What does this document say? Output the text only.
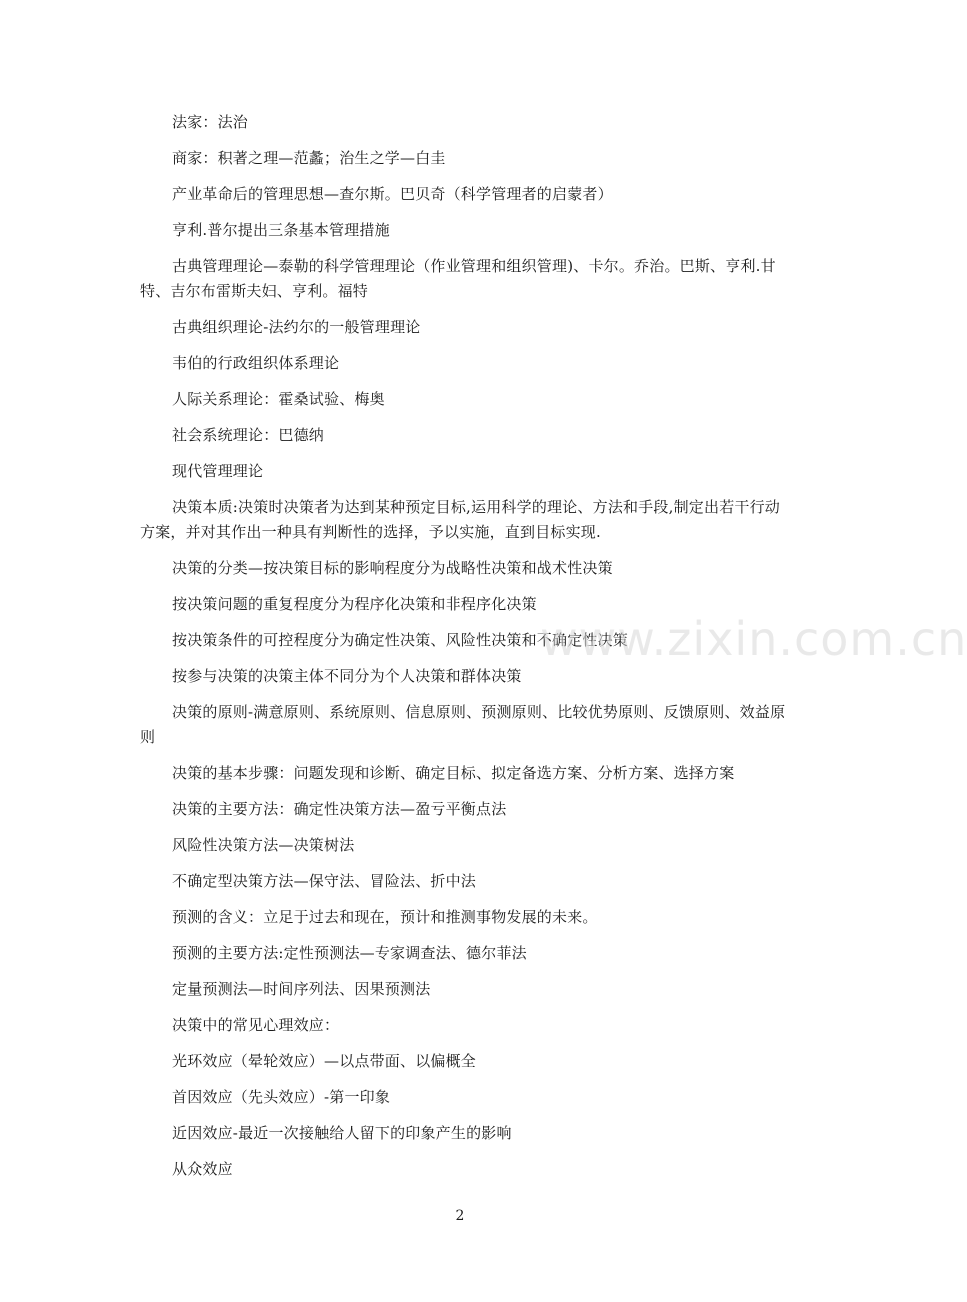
法家：法治

商家：积著之理—范蠡；治生之学—白圭

产业革命后的管理思想—查尔斯。巴贝奇（科学管理者的启蒙者）

亨利.普尔提出三条基本管理措施

古典管理理论—泰勒的科学管理理论（作业管理和组织管理)、卡尔。乔治。巴斯、亨利.甘特、吉尔布雷斯夫妇、亨利。福特

古典组织理论-法约尔的一般管理理论

韦伯的行政组织体系理论

人际关系理论：霍桑试验、梅奥

社会系统理论：巴德纳

现代管理理论

决策本质:决策时决策者为达到某种预定目标,运用科学的理论、方法和手段,制定出若干行动方案，并对其作出一种具有判断性的选择，予以实施，直到目标实现.

决策的分类—按决策目标的影响程度分为战略性决策和战术性决策

按决策问题的重复程度分为程序化决策和非程序化决策

按决策条件的可控程度分为确定性决策、风险性决策和不确定性决策

按参与决策的决策主体不同分为个人决策和群体决策

决策的原则-满意原则、系统原则、信息原则、预测原则、比较优势原则、反馈原则、效益原则

决策的基本步骤：问题发现和诊断、确定目标、拟定备选方案、分析方案、选择方案

决策的主要方法：确定性决策方法—盈亏平衡点法

风险性决策方法—决策树法

不确定型决策方法—保守法、冒险法、折中法

预测的含义：立足于过去和现在，预计和推测事物发展的未来。

预测的主要方法:定性预测法—专家调查法、德尔菲法

定量预测法—时间序列法、因果预测法

决策中的常见心理效应：

光环效应（晕轮效应）—以点带面、以偏概全

首因效应（先头效应）-第一印象

近因效应-最近一次接触给人留下的印象产生的影响

从众效应

www.zixin.com.cn
2
